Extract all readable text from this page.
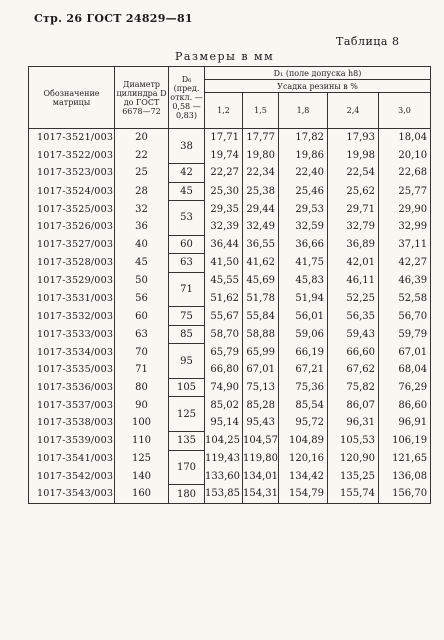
Стр. 26 ГОСТ 24829—81
Таблица 8
Размеры в мм
Обозначение матрицы	Диаметр цилиндра D до ГОСТ 6678—72	D₆ (пред. откл. —0,58 —0,83)	D₁ (поле допуска h8)				
			Усадка резины в %				
			1,2	1,5	1,8	2,4	3,0
1017-3521/003	20	38	17,71	17,77	17,82	17,93	18,04
1017-3522/003	22		19,74	19,80	19,86	19,98	20,10
1017-3523/003	25	42	22,27	22,34	22,40	22,54	22,68
1017-3524/003	28	45	25,30	25,38	25,46	25,62	25,77
1017-3525/003	32	53	29,35	29,44	29,53	29,71	29,90
1017-3526/003	36		32,39	32,49	32,59	32,79	32,99
1017-3527/003	40	60	36,44	36,55	36,66	36,89	37,11
1017-3528/003	45	63	41,50	41,62	41,75	42,01	42,27
1017-3529/003	50	71	45,55	45,69	45,83	46,11	46,39
1017-3531/003	56		51,62	51,78	51,94	52,25	52,58
1017-3532/003	60	75	55,67	55,84	56,01	56,35	56,70
1017-3533/003	63	85	58,70	58,88	59,06	59,43	59,79
1017-3534/003	70	95	65,79	65,99	66,19	66,60	67,01
1017-3535/003	71		66,80	67,01	67,21	67,62	68,04
1017-3536/003	80	105	74,90	75,13	75,36	75,82	76,29
1017-3537/003	90	125	85,02	85,28	85,54	86,07	86,60
1017-3538/003	100		95,14	95,43	95,72	96,31	96,91
1017-3539/003	110	135	104,25	104,57	104,89	105,53	106,19
1017-3541/003	125	170	119,43	119,80	120,16	120,90	121,65
1017-3542/003	140		133,60	134,01	134,42	135,25	136,08
1017-3543/003	160	180	153,85	154,31	154,79	155,74	156,70
